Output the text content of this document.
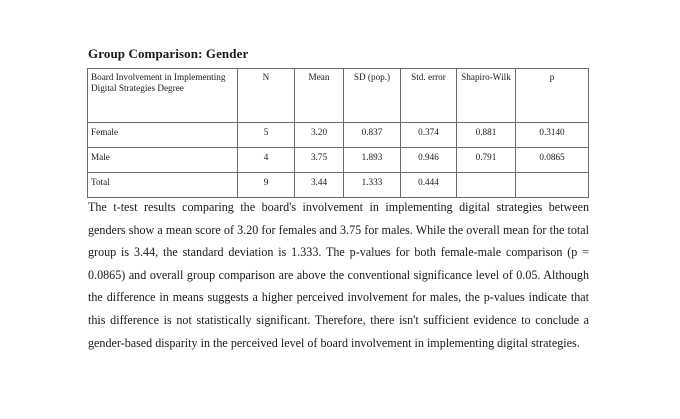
Group Comparison: Gender
Board Involvement in Implementing Digital Strategies Degree	N	Mean	SD (pop.)	Std. error	Shapiro-Wilk	p
Female	5	3.20	0.837	0.374	0.881	0.3140
Male	4	3.75	1.893	0.946	0.791	0.0865
Total	9	3.44	1.333	0.444		

The t-test results comparing the board's involvement in implementing digital strategies between genders show a mean score of 3.20 for females and 3.75 for males. While the overall mean for the total group is 3.44, the standard deviation is 1.333. The p-values for both female-male comparison (p = 0.0865) and overall group comparison are above the conventional significance level of 0.05. Although the difference in means suggests a higher perceived involvement for males, the p-values indicate that this difference is not statistically significant. Therefore, there isn't sufficient evidence to conclude a gender-based disparity in the perceived level of board involvement in implementing digital strategies.
